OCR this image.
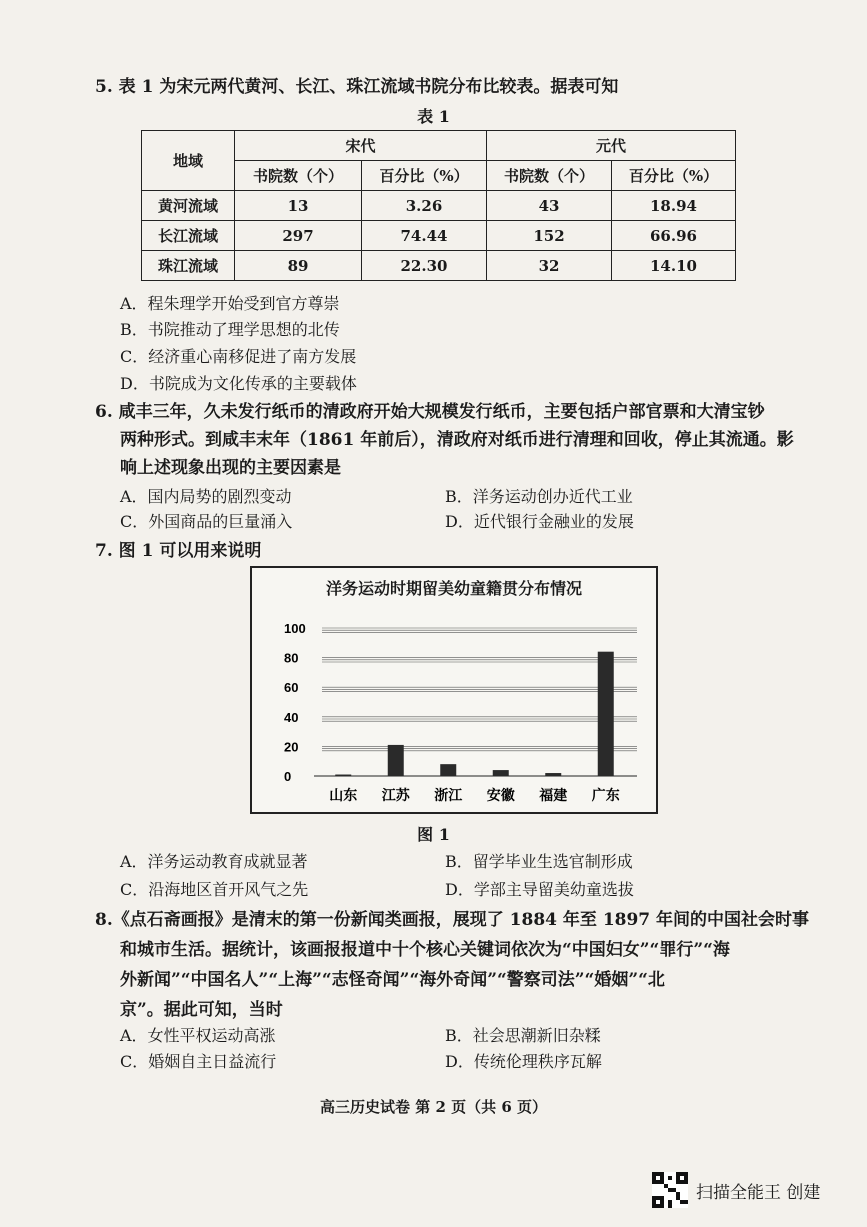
5. 表 1 为宋元两代黄河、长江、珠江流域书院分布比较表。据表可知
表 1
地域	宋代		元代	
	书院数（个）	百分比（%）	书院数（个）	百分比（%）
黄河流域	13	3.26	43	18.94
长江流域	297	74.44	152	66.96
珠江流域	89	22.30	32	14.10
A．程朱理学开始受到官方尊崇
B．书院推动了理学思想的北传
C．经济重心南移促进了南方发展
D．书院成为文化传承的主要载体
6. 咸丰三年，久未发行纸币的清政府开始大规模发行纸币，主要包括户部官票和大清宝钞
两种形式。到咸丰末年（1861 年前后），清政府对纸币进行清理和回收，停止其流通。影
响上述现象出现的主要因素是
A．国内局势的剧烈变动	B．洋务运动创办近代工业
C．外国商品的巨量涌入	D．近代银行金融业的发展
7. 图 1 可以用来说明
洋务运动时期留美幼童籍贯分布情况
0
20
40
60
80
100
山东 江苏 浙江 安徽 福建 广东
图 1
A．洋务运动教育成就显著	B．留学毕业生选官制形成
C．沿海地区首开风气之先	D．学部主导留美幼童选拔
8.《点石斋画报》是清末的第一份新闻类画报，展现了 1884 年至 1897 年间的中国社会时事
和城市生活。据统计，该画报报道中十个核心关键词依次为“中国妇女”“罪行”“海
外新闻”“中国名人”“上海”“志怪奇闻”“海外奇闻”“警察司法”“婚姻”“北
京”。据此可知，当时
A．女性平权运动高涨	B．社会思潮新旧杂糅
C．婚姻自主日益流行	D．传统伦理秩序瓦解
高三历史试卷 第 2 页（共 6 页）
扫描全能王 创建
